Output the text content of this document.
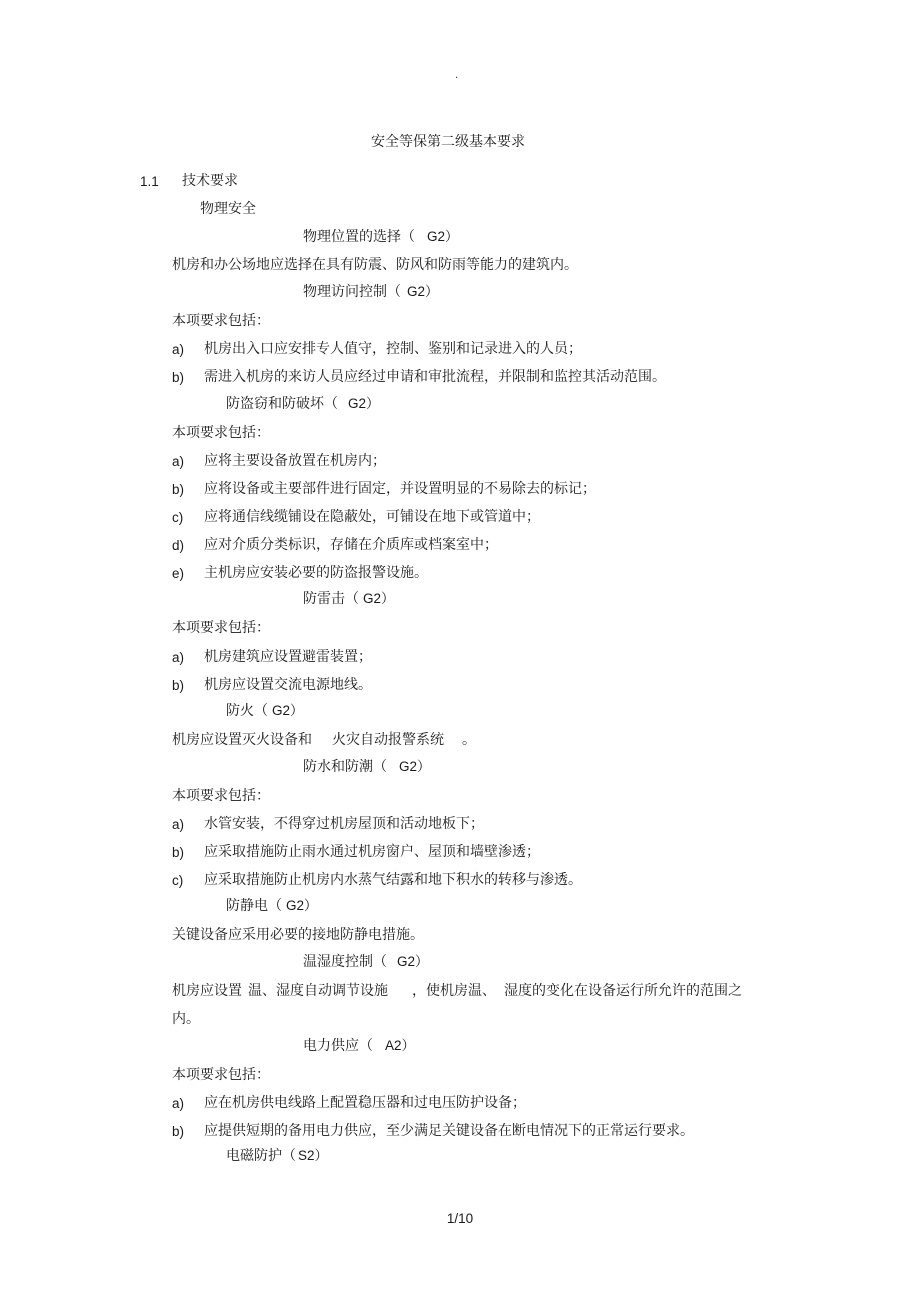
.
安全等保第二级基本要求
1.1 技术要求
物理安全
物理位置的选择（ G2）
机房和办公场地应选择在具有防震、防风和防雨等能力的建筑内。
物理访问控制（ G2）
本项要求包括：
a) 机房出入口应安排专人值守，控制、鉴别和记录进入的人员；
b) 需进入机房的来访人员应经过申请和审批流程，并限制和监控其活动范围。
防盗窃和防破坏（ G2）
本项要求包括：
a) 应将主要设备放置在机房内；
b) 应将设备或主要部件进行固定，并设置明显的不易除去的标记；
c) 应将通信线缆铺设在隐蔽处，可铺设在地下或管道中；
d) 应对介质分类标识，存储在介质库或档案室中；
e) 主机房应安装必要的防盗报警设施。
防雷击（ G2）
本项要求包括：
a) 机房建筑应设置避雷装置；
b) 机房应设置交流电源地线。
防火（ G2）
机房应设置灭火设备和 火灾自动报警系统 。
防水和防潮（ G2）
本项要求包括：
a) 水管安装，不得穿过机房屋顶和活动地板下；
b) 应采取措施防止雨水通过机房窗户、屋顶和墙壁渗透；
c) 应采取措施防止机房内水蒸气结露和地下积水的转移与渗透。
防静电（ G2）
关键设备应采用必要的接地防静电措施。
温湿度控制（ G2）
机房应设置 温、湿度自动调节设施 ，使机房温、 湿度的变化在设备运行所允许的范围之
内。
电力供应（ A2）
本项要求包括：
a) 应在机房供电线路上配置稳压器和过电压防护设备；
b) 应提供短期的备用电力供应，至少满足关键设备在断电情况下的正常运行要求。
电磁防护（ S2）
1/10
